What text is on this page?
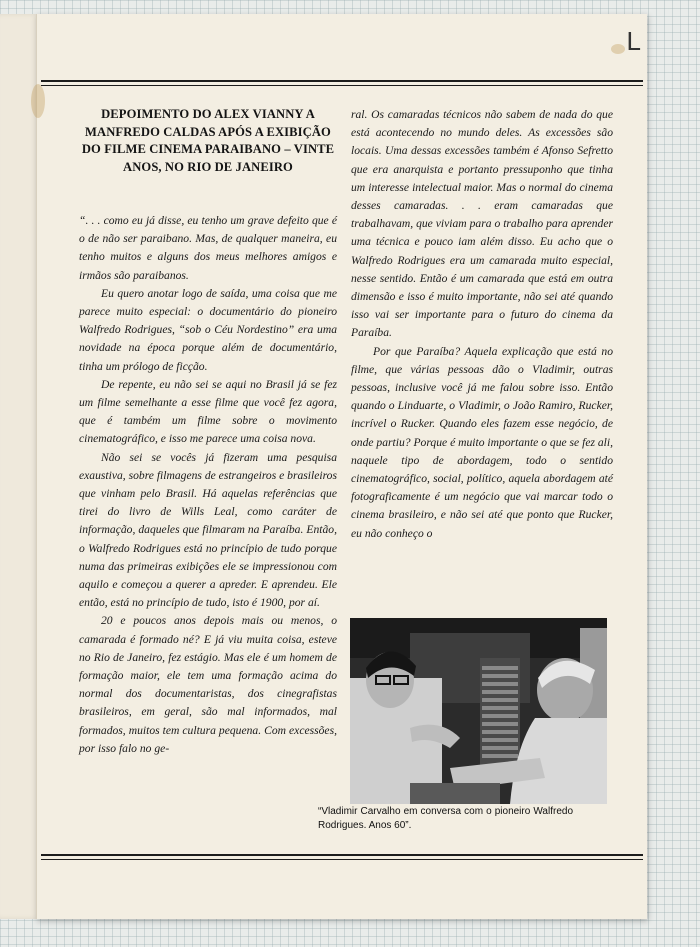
L
DEPOIMENTO DO ALEX VIANNY A MANFREDO CALDAS APÓS A EXIBIÇÃO DO FILME CINEMA PARAIBANO – VINTE ANOS, NO RIO DE JANEIRO

“. . . como eu já disse, eu tenho um grave defeito que é o de não ser paraibano. Mas, de qualquer maneira, eu tenho muitos e alguns dos meus melhores amigos e irmãos são paraibanos.

Eu quero anotar logo de saída, uma coisa que me parece muito especial: o documentário do pioneiro Walfredo Rodrigues, “sob o Céu Nordestino” era uma novidade na época porque além de documentário, tinha um prólogo de ficção.

De repente, eu não sei se aqui no Brasil já se fez um filme semelhante a esse filme que você fez agora, que é também um filme sobre o movimento cinematográfico, e isso me parece uma coisa nova.

Não sei se vocês já fizeram uma pesquisa exaustiva, sobre filmagens de estrangeiros e brasileiros que vinham pelo Brasil. Há aquelas referências que tirei do livro de Wills Leal, como caráter de informação, daqueles que filmaram na Paraíba. Então, o Walfredo Rodrigues está no princípio de tudo porque numa das primeiras exibições ele se impressionou com aquilo e começou a querer a apreder. E aprendeu. Ele então, está no princípio de tudo, isto é 1900, por aí.

20 e poucos anos depois mais ou menos, o camarada é formado né? E já viu muita coisa, esteve no Rio de Janeiro, fez estágio. Mas ele é um homem de formação maior, ele tem uma formação acima do normal dos documentaristas, dos cinegrafistas brasileiros, em geral, são mal informados, mal formados, muitos tem cultura pequena. Com excessões, por isso falo no ge-

ral. Os camaradas técnicos não sabem de nada do que está acontecendo no mundo deles. As excessões são locais. Uma dessas excessões também é Afonso Sefretto que era anarquista e portanto pressuponho que tinha um interesse intelectual maior. Mas o normal do cinema desses camaradas. . . eram camaradas que trabalhavam, que viviam para o trabalho para aprender uma técnica e pouco iam além disso. Eu acho que o Walfredo Rodrigues era um camarada muito especial, nesse sentido. Então é um camarada que está em outra dimensão e isso é muito importante, não sei até quando isso vai ser importante para o futuro do cinema da Paraíba.

Por que Paraíba? Aquela explicação que está no filme, que várias pessoas dão o Vladimir, outras pessoas, inclusive você já me falou sobre isso. Então quando o Linduarte, o Vladimir, o João Ramiro, Rucker, incrível o Rucker. Quando eles fazem esse negócio, de onde partiu? Porque é muito importante o que se fez ali, naquele tipo de abordagem, todo o sentido cinematográfico, social, político, aquela abordagem até fotograficamente é um negócio que vai marcar todo o cinema brasileiro, e não sei até que ponto que Rucker, eu não conheço o

“Vladimir Carvalho em conversa com o pioneiro Walfredo Rodrigues. Anos 60”.
